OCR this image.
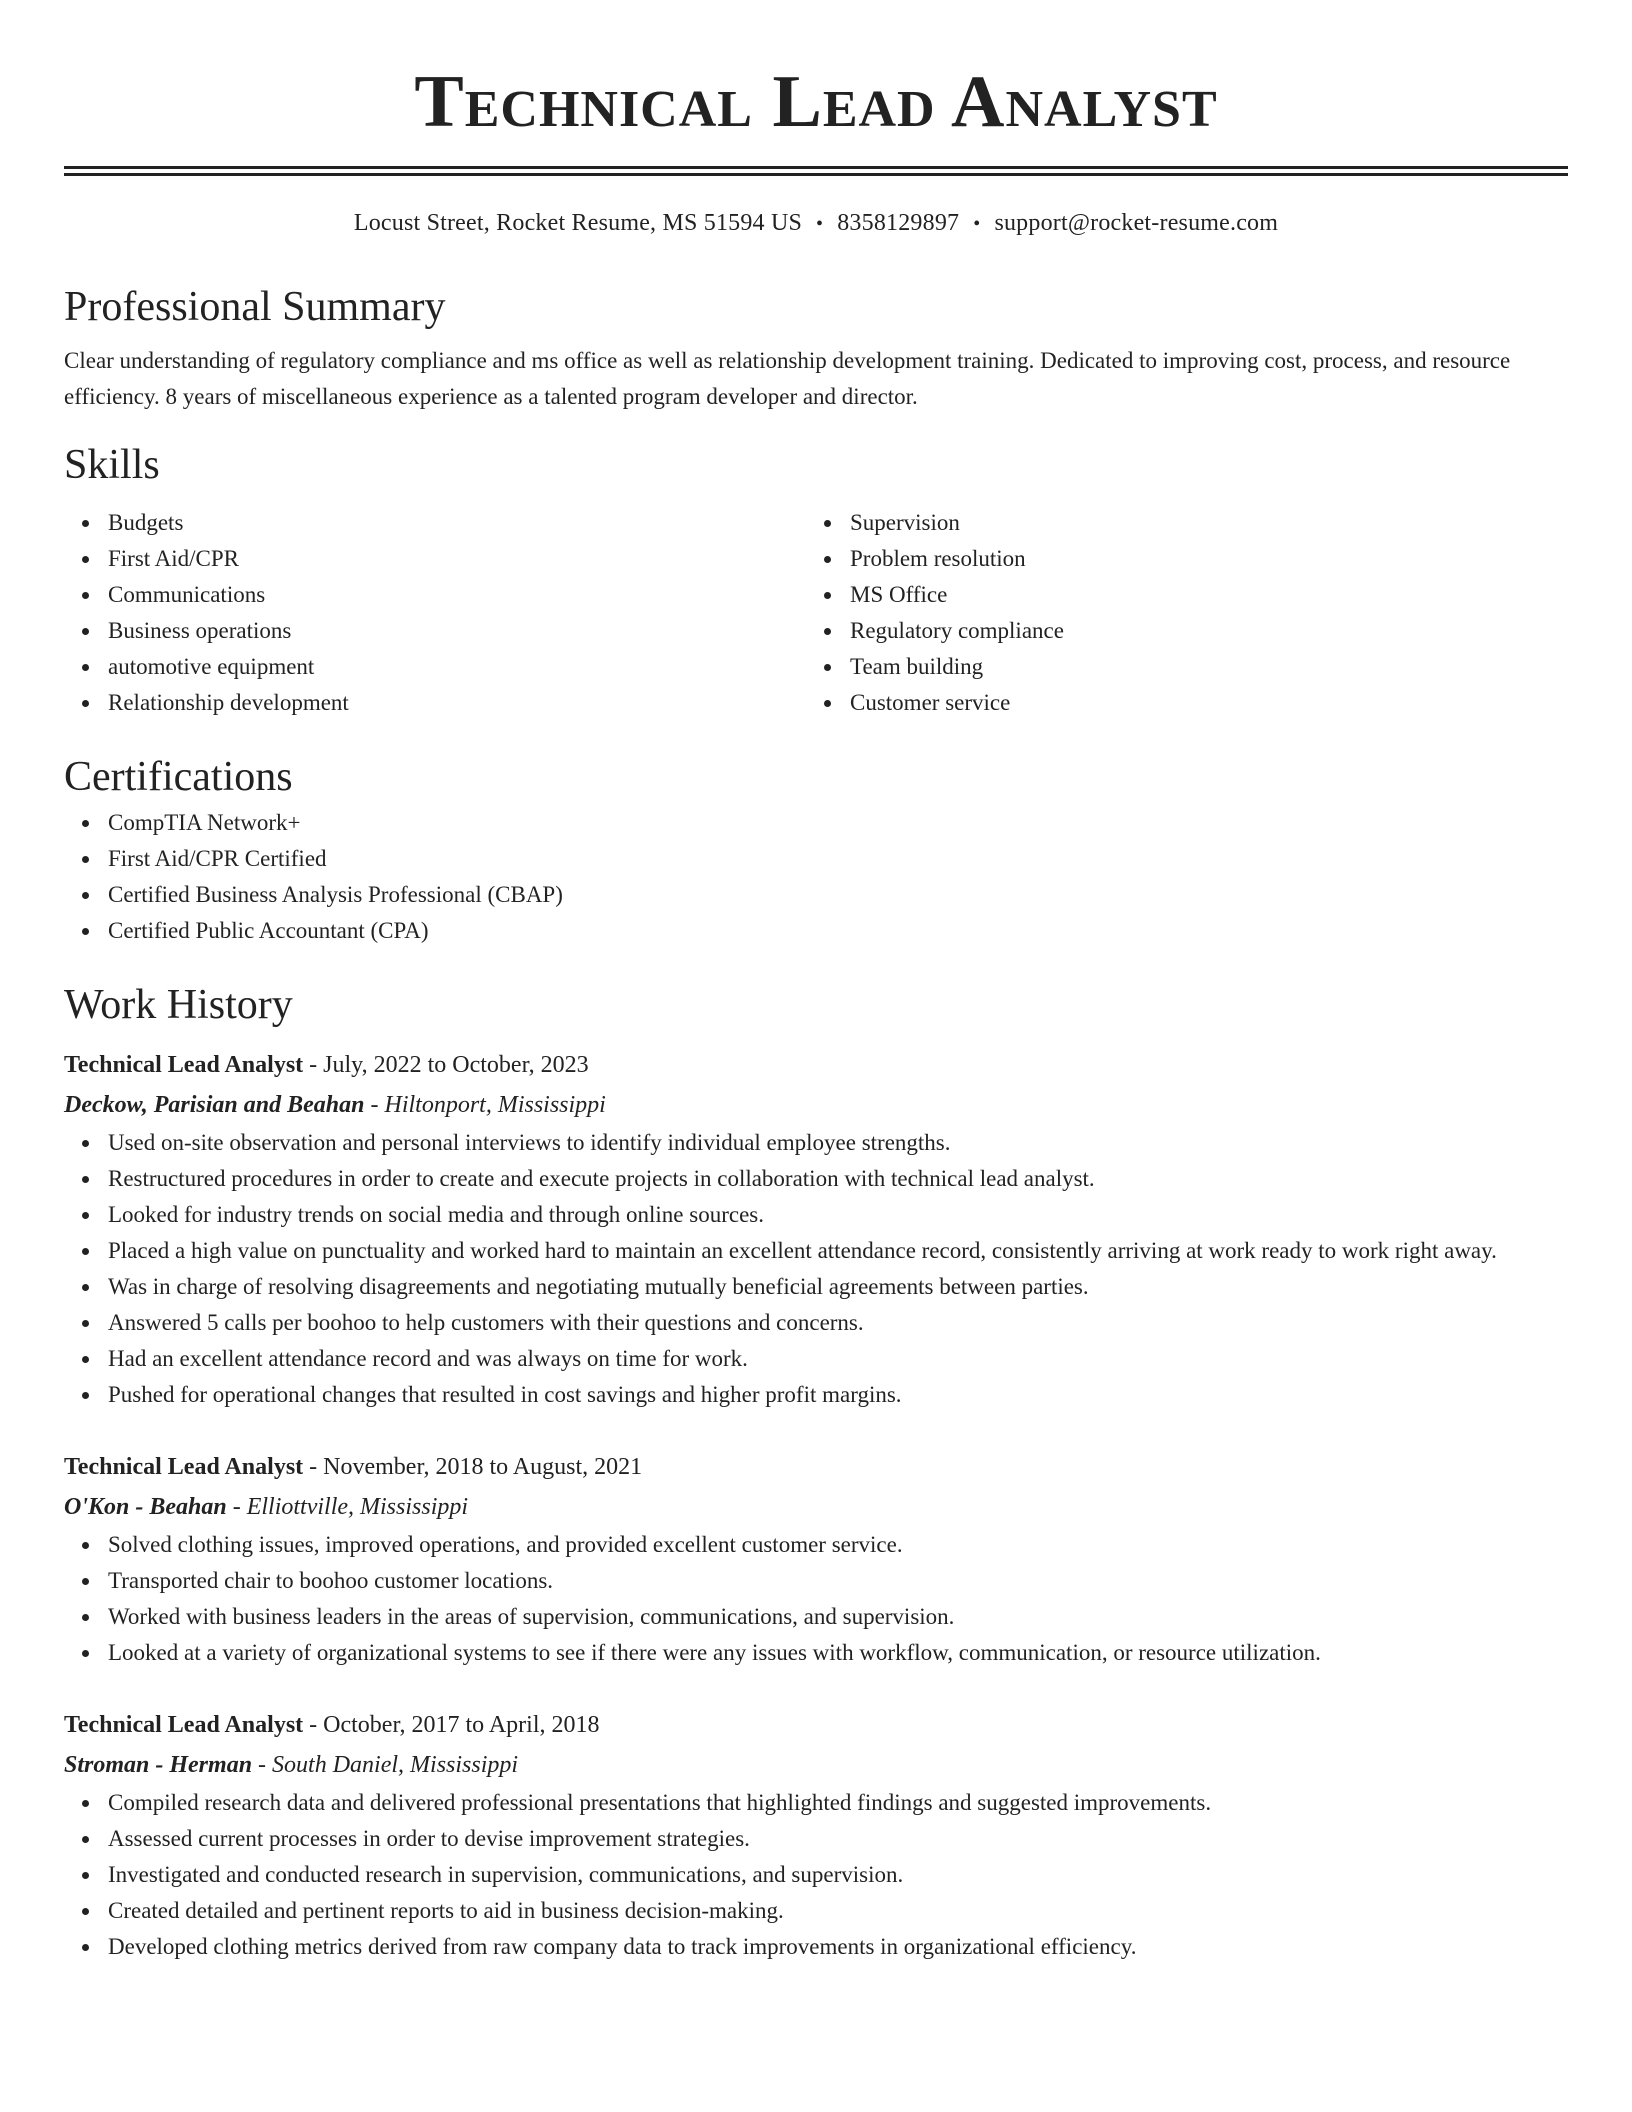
Technical Lead Analyst
Locust Street, Rocket Resume, MS 51594 US • 8358129897 • support@rocket-resume.com
Professional Summary

Clear understanding of regulatory compliance and ms office as well as relationship development training. Dedicated to improving cost, process, and resource efficiency. 8 years of miscellaneous experience as a talented program developer and director.

Skills
Budgets
First Aid/CPR
Communications
Business operations
automotive equipment
Relationship development
Supervision
Problem resolution
MS Office
Regulatory compliance
Team building
Customer service
Certifications
CompTIA Network+
First Aid/CPR Certified
Certified Business Analysis Professional (CBAP)
Certified Public Accountant (CPA)
Work History
Technical Lead Analyst - July, 2022 to October, 2023
Deckow, Parisian and Beahan - Hiltonport, Mississippi
Used on-site observation and personal interviews to identify individual employee strengths.
Restructured procedures in order to create and execute projects in collaboration with technical lead analyst.
Looked for industry trends on social media and through online sources.
Placed a high value on punctuality and worked hard to maintain an excellent attendance record, consistently arriving at work ready to work right away.
Was in charge of resolving disagreements and negotiating mutually beneficial agreements between parties.
Answered 5 calls per boohoo to help customers with their questions and concerns.
Had an excellent attendance record and was always on time for work.
Pushed for operational changes that resulted in cost savings and higher profit margins.
Technical Lead Analyst - November, 2018 to August, 2021
O'Kon - Beahan - Elliottville, Mississippi
Solved clothing issues, improved operations, and provided excellent customer service.
Transported chair to boohoo customer locations.
Worked with business leaders in the areas of supervision, communications, and supervision.
Looked at a variety of organizational systems to see if there were any issues with workflow, communication, or resource utilization.
Technical Lead Analyst - October, 2017 to April, 2018
Stroman - Herman - South Daniel, Mississippi
Compiled research data and delivered professional presentations that highlighted findings and suggested improvements.
Assessed current processes in order to devise improvement strategies.
Investigated and conducted research in supervision, communications, and supervision.
Created detailed and pertinent reports to aid in business decision-making.
Developed clothing metrics derived from raw company data to track improvements in organizational efficiency.
